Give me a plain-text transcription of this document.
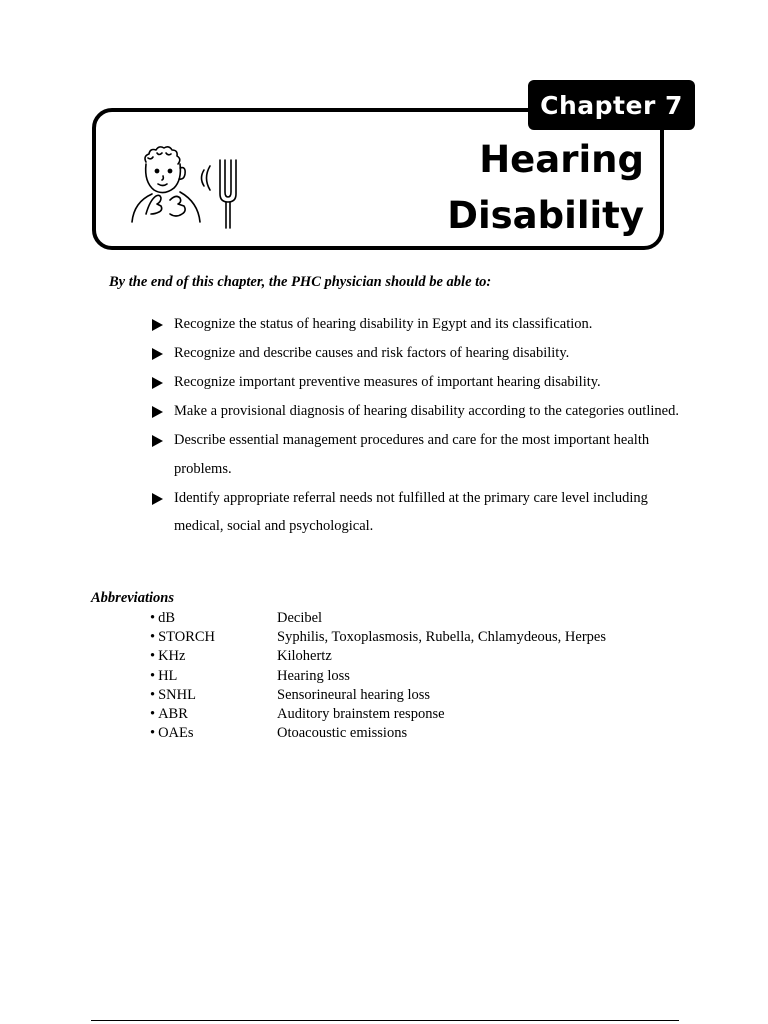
Chapter 7
Hearing
Disability
By the end of this chapter, the PHC physician should be able to:
Recognize the status of hearing disability in Egypt and its classification.
Recognize and describe causes and risk factors of hearing disability.
Recognize important preventive measures of important hearing disability.
Make a provisional diagnosis of hearing disability according to the categories outlined.
Describe essential management procedures and care for the most important health problems.
Identify appropriate referral needs not fulfilled at the primary care level including medical, social and psychological.
Abbreviations
• dB	Decibel
• STORCH	Syphilis, Toxoplasmosis, Rubella, Chlamydeous, Herpes
• KHz	Kilohertz
• HL	Hearing loss
• SNHL	Sensorineural hearing loss
• ABR	Auditory brainstem response
• OAEs	Otoacoustic emissions
